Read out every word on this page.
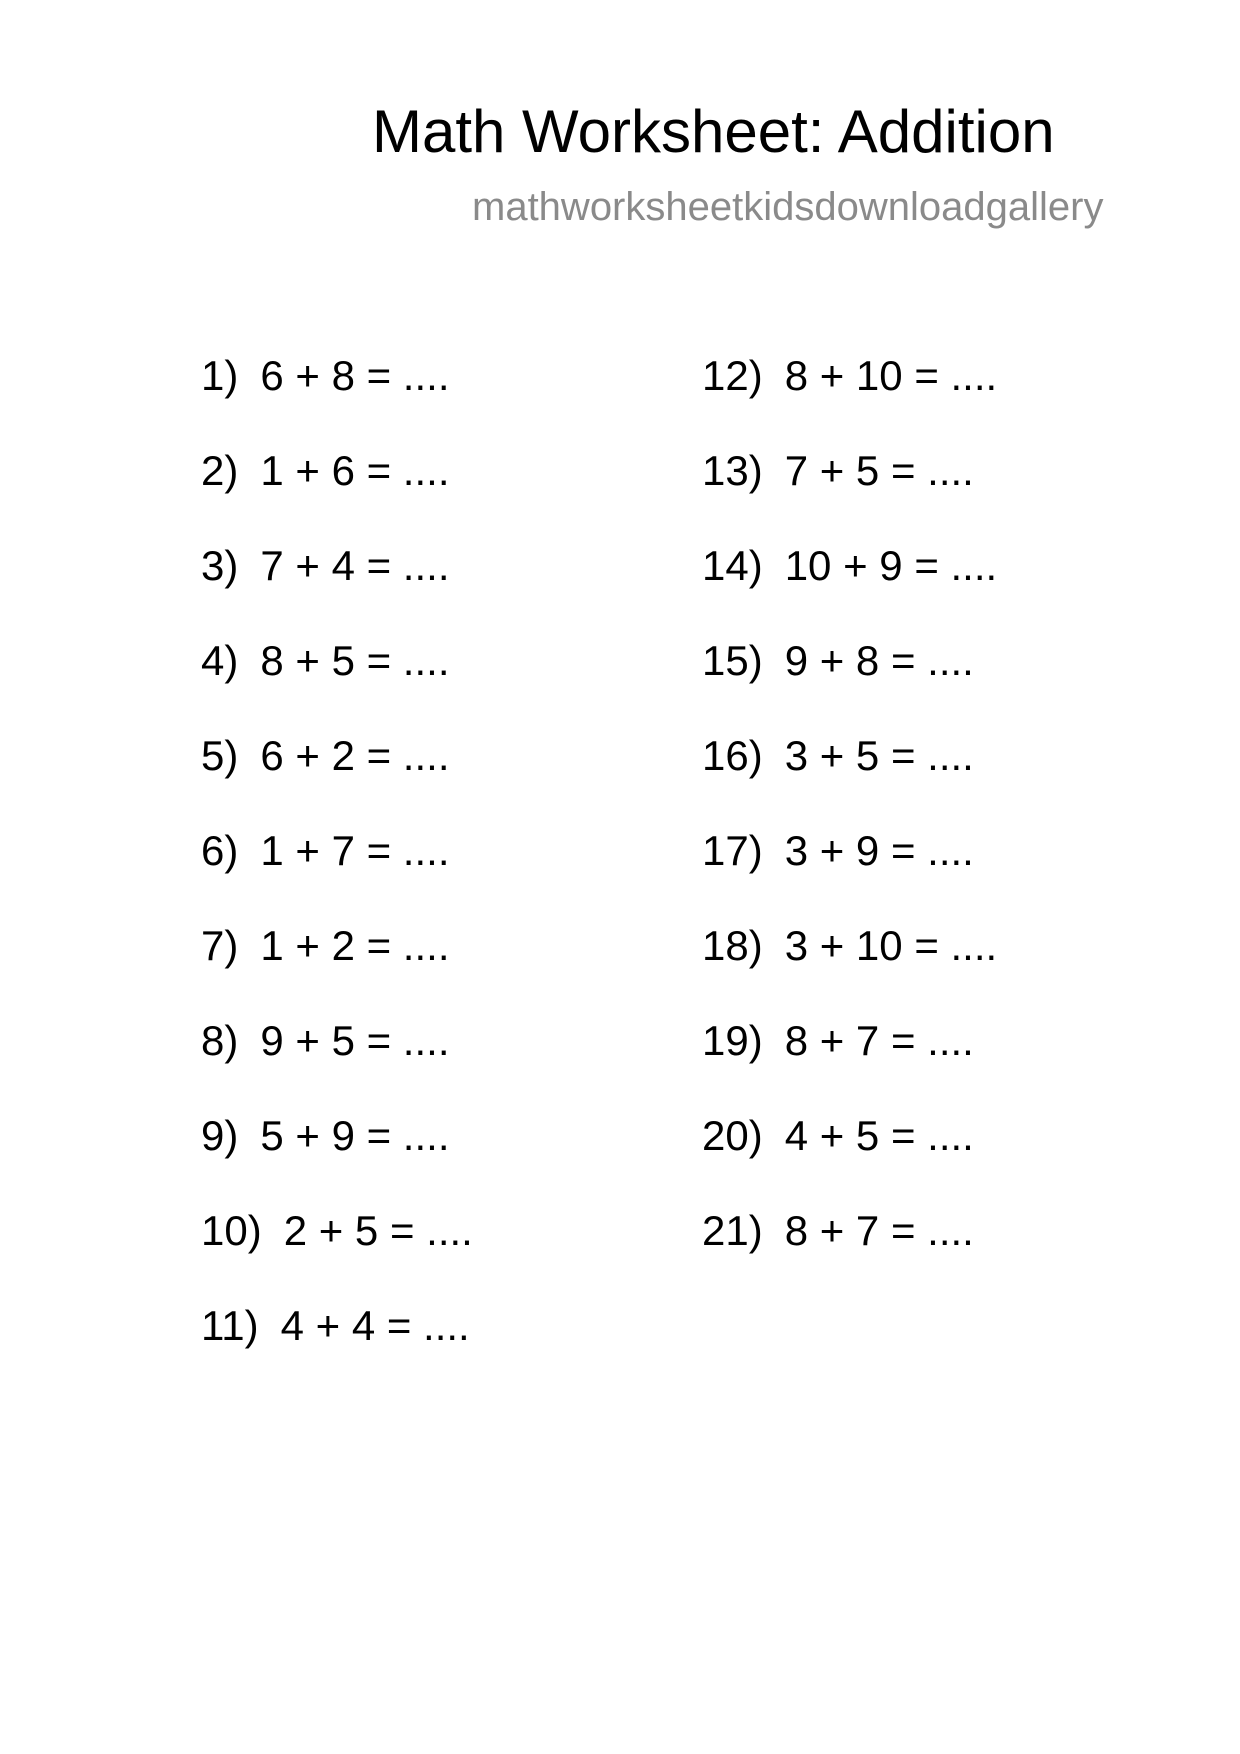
Math Worksheet: Addition
mathworksheetkidsdownloadgallery
1) 6 + 8 = ....
2) 1 + 6 = ....
3) 7 + 4 = ....
4) 8 + 5 = ....
5) 6 + 2 = ....
6) 1 + 7 = ....
7) 1 + 2 = ....
8) 9 + 5 = ....
9) 5 + 9 = ....
10) 2 + 5 = ....
11) 4 + 4 = ....
12) 8 + 10 = ....
13) 7 + 5 = ....
14) 10 + 9 = ....
15) 9 + 8 = ....
16) 3 + 5 = ....
17) 3 + 9 = ....
18) 3 + 10 = ....
19) 8 + 7 = ....
20) 4 + 5 = ....
21) 8 + 7 = ....
